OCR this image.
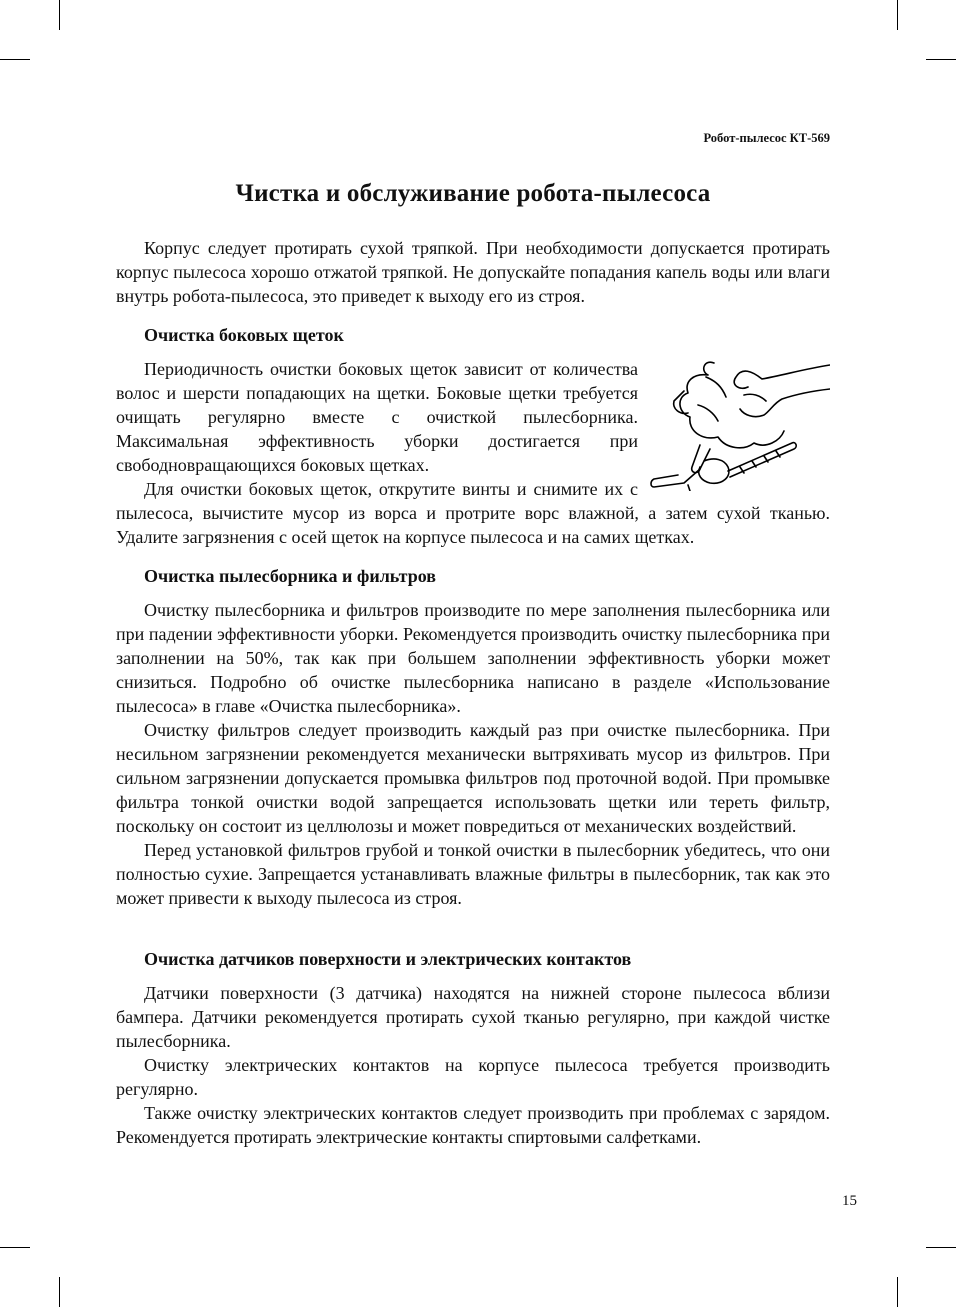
Робот-пылесос КТ-569
Чистка и обслуживание робота-пылесоса

Корпус следует протирать сухой тряпкой. При необходимости допускается протирать корпус пылесоса хорошо отжатой тряпкой. Не допускайте попадания капель воды или влаги внутрь робота-пылесоса, это приведет к выходу его из строя.

Очистка боковых щеток

Периодичность очистки боковых щеток зависит от количества волос и шерсти попадающих на щетки. Боковые щетки требуется очищать регулярно вместе с очисткой пылесборника. Максимальная эффективность уборки достигается при свободновращающихся боковых щетках.

Для очистки боковых щеток, открутите винты и снимите их с пылесоса, вычистите мусор из ворса и протрите ворс влажной, а затем сухой тканью. Удалите загрязнения с осей щеток на корпусе пылесоса и на самих щетках.

Очистка пылесборника и фильтров

Очистку пылесборника и фильтров производите по мере заполнения пылесборника или при падении эффективности уборки. Рекомендуется производить очистку пылесборника при заполнении на 50%, так как при большем заполнении эффективность уборки может снизиться. Подробно об очистке пылесборника написано в разделе «Использование пылесоса» в главе «Очистка пылесборника».

Очистку фильтров следует производить каждый раз при очистке пылесборника. При несильном загрязнении рекомендуется механически вытряхивать мусор из фильтров. При сильном загрязнении допускается промывка фильтров под проточной водой. При промывке фильтра тонкой очистки водой запрещается использовать щетки или тереть фильтр, поскольку он состоит из целлюлозы и может повредиться от механических воздействий.

Перед установкой фильтров грубой и тонкой очистки в пылесборник убедитесь, что они полностью сухие. Запрещается устанавливать влажные фильтры в пылесборник, так как это может привести к выходу пылесоса из строя.

Очистка датчиков поверхности и электрических контактов

Датчики поверхности (3 датчика) находятся на нижней стороне пылесоса вблизи бампера. Датчики рекомендуется протирать сухой тканью регулярно, при каждой чистке пылесборника.

Очистку электрических контактов на корпусе пылесоса требуется производить регулярно.

Также очистку электрических контактов следует производить при проблемах с зарядом. Рекомендуется протирать электрические контакты спиртовыми салфетками.

15
